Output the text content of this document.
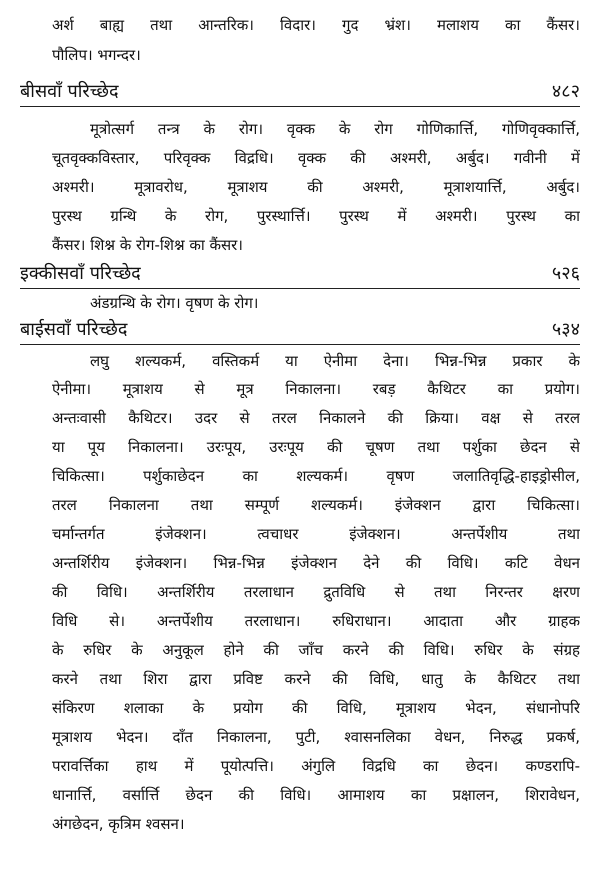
अर्श बाह्य तथा आन्तरिक। विदार। गुद भ्रंश। मलाशय का कैंसर।
पौलिप। भगन्दर।
बीसवाँ परिच्छेद	४८२
मूत्रोत्सर्ग तन्त्र के रोग। वृक्क के रोग गोणिकार्त्ति, गोणिवृक्कार्त्ति,
चूतवृक्कविस्तार, परिवृक्क विद्रधि। वृक्क की अश्मरी, अर्बुद। गवीनी में
अश्मरी। मूत्रावरोध, मूत्राशय की अश्मरी, मूत्राशयार्त्ति, अर्बुद।
पुरस्थ ग्रन्थि के रोग, पुरस्थार्त्ति। पुरस्थ में अश्मरी। पुरस्थ का
कैंसर। शिश्न के रोग-शिश्न का कैंसर।
इक्कीसवाँ परिच्छेद	५२६
अंडग्रन्थि के रोग। वृषण के रोग।
बाईसवाँ परिच्छेद	५३४
लघु शल्यकर्म, वस्तिकर्म या ऐनीमा देना। भिन्न-भिन्न प्रकार के
ऐनीमा। मूत्राशय से मूत्र निकालना। रबड़ कैथिटर का प्रयोग।
अन्तःवासी कैथिटर। उदर से तरल निकालने की क्रिया। वक्ष से तरल
या पूय निकालना। उरःपूय, उरःपूय की चूषण तथा पर्शुका छेदन से
चिकित्सा। पर्शुकाछेदन का शल्यकर्म। वृषण जलातिवृद्धि-हाइड्रोसील,
तरल निकालना तथा सम्पूर्ण शल्यकर्म। इंजेक्शन द्वारा चिकित्सा।
चर्मान्तर्गत इंजेक्शन। त्वचाधर इंजेक्शन। अन्तर्पेशीय तथा
अन्तर्शिरीय इंजेक्शन। भिन्न-भिन्न इंजेक्शन देने की विधि। कटि वेधन
की विधि। अन्तर्शिरीय तरलाधान द्रुतविधि से तथा निरन्तर क्षरण
विधि से। अन्तर्पेशीय तरलाधान। रुधिराधान। आदाता और ग्राहक
के रुधिर के अनुकूल होने की जाँच करने की विधि। रुधिर के संग्रह
करने तथा शिरा द्वारा प्रविष्ट करने की विधि, धातु के कैथिटर तथा
संकिरण शलाका के प्रयोग की विधि, मूत्राशय भेदन, संधानोपरि
मूत्राशय भेदन। दाँत निकालना, पुटी, श्वासनलिका वेधन, निरुद्ध प्रकर्ष,
परावर्त्तिका हाथ में पूयोत्पत्ति। अंगुलि विद्रधि का छेदन। कण्डरापि-
धानार्त्ति, वर्सार्त्ति छेदन की विधि। आमाशय का प्रक्षालन, शिरावेधन,
अंगछेदन, कृत्रिम श्वसन।
